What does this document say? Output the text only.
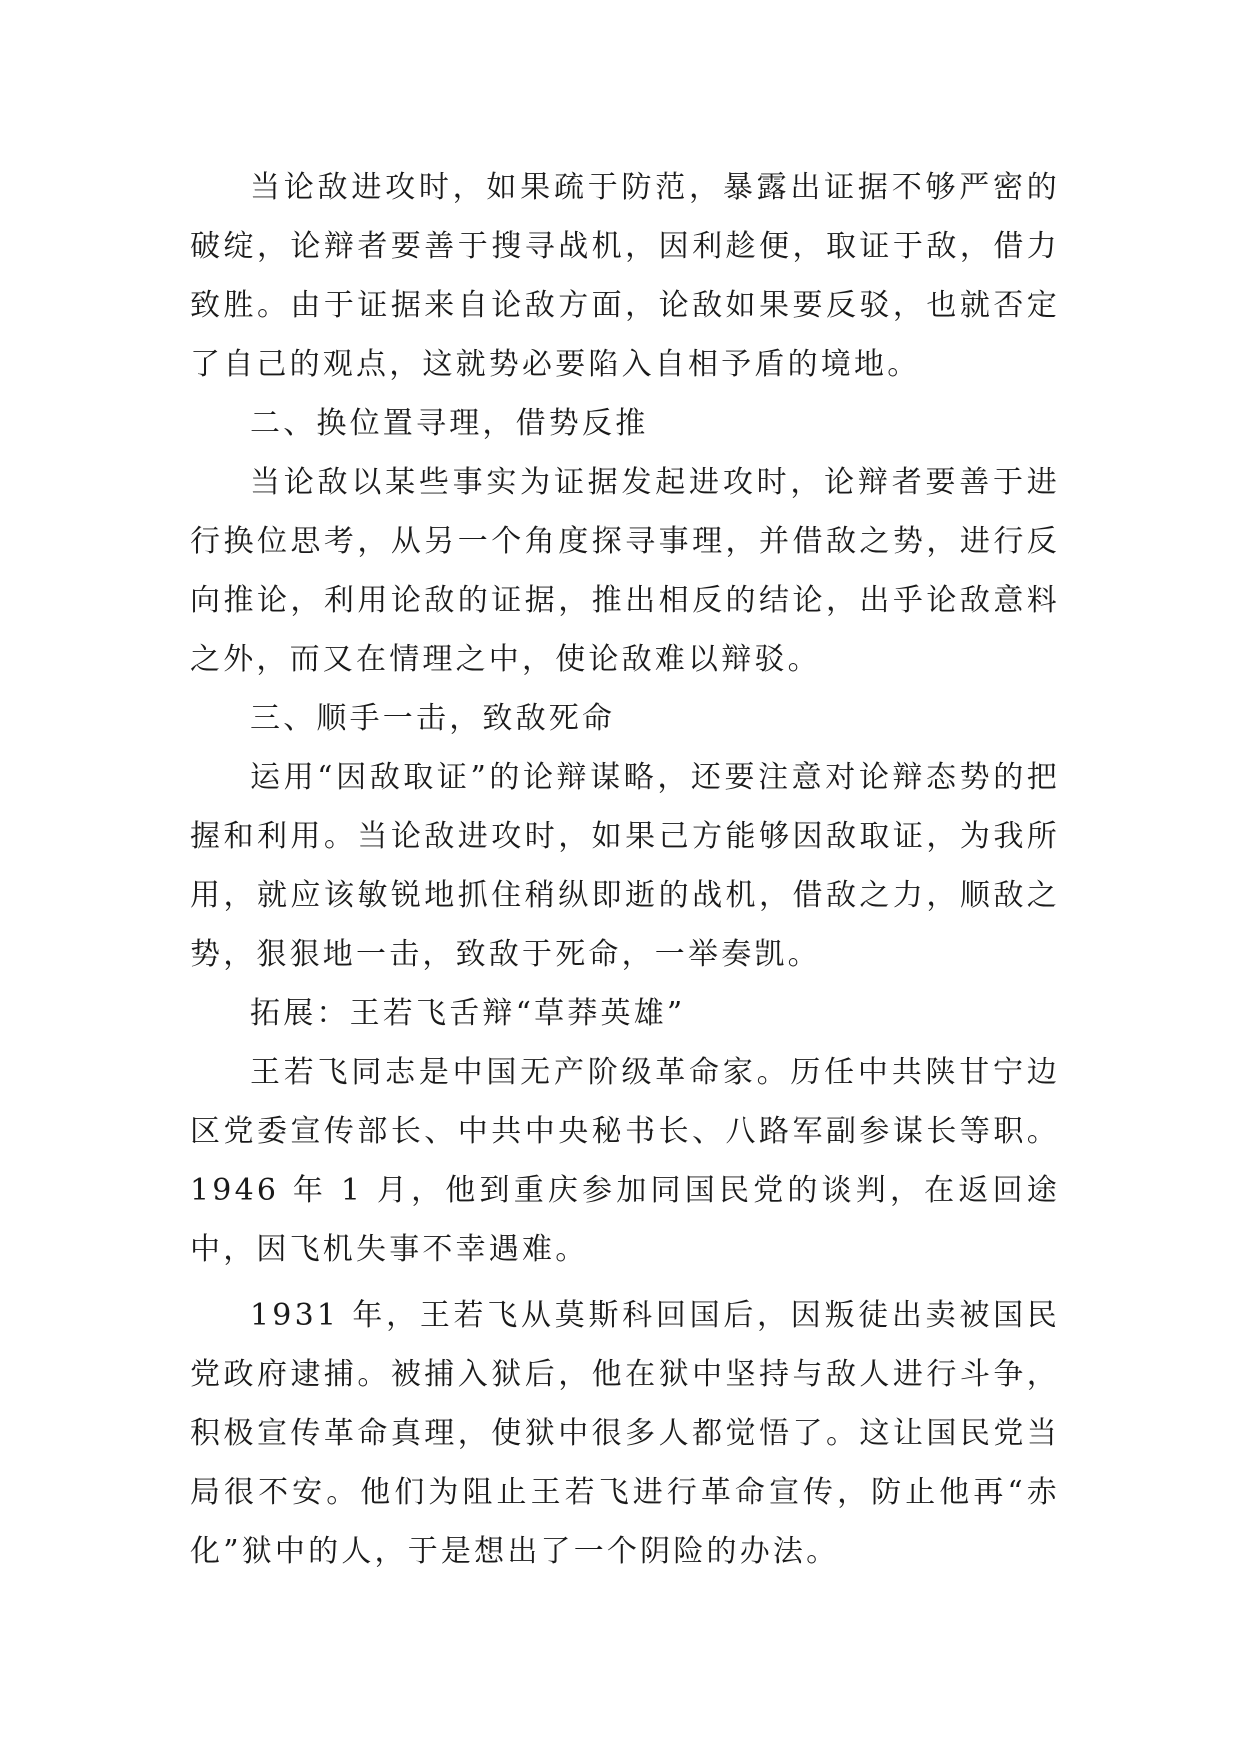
当论敌进攻时，如果疏于防范，暴露出证据不够严密的破绽，论辩者要善于搜寻战机，因利趁便，取证于敌，借力致胜。由于证据来自论敌方面，论敌如果要反驳，也就否定了自己的观点，这就势必要陷入自相予盾的境地。

二、换位置寻理，借势反推

当论敌以某些事实为证据发起进攻时，论辩者要善于进行换位思考，从另一个角度探寻事理，并借敌之势，进行反向推论，利用论敌的证据，推出相反的结论，出乎论敌意料之外，而又在情理之中，使论敌难以辩驳。

三、顺手一击，致敌死命

运用“因敌取证”的论辩谋略，还要注意对论辩态势的把握和利用。当论敌进攻时，如果己方能够因敌取证，为我所用，就应该敏锐地抓住稍纵即逝的战机，借敌之力，顺敌之势，狠狠地一击，致敌于死命，一举奏凯。

拓展：王若飞舌辩“草莽英雄”

王若飞同志是中国无产阶级革命家。历任中共陕甘宁边区党委宣传部长、中共中央秘书长、八路军副参谋长等职。1946 年 1 月，他到重庆参加同国民党的谈判，在返回途中，因飞机失事不幸遇难。

1931 年，王若飞从莫斯科回国后，因叛徒出卖被国民党政府逮捕。被捕入狱后，他在狱中坚持与敌人进行斗争，积极宣传革命真理，使狱中很多人都觉悟了。这让国民党当局很不安。他们为阻止王若飞进行革命宣传，防止他再“赤化”狱中的人，于是想出了一个阴险的办法。
